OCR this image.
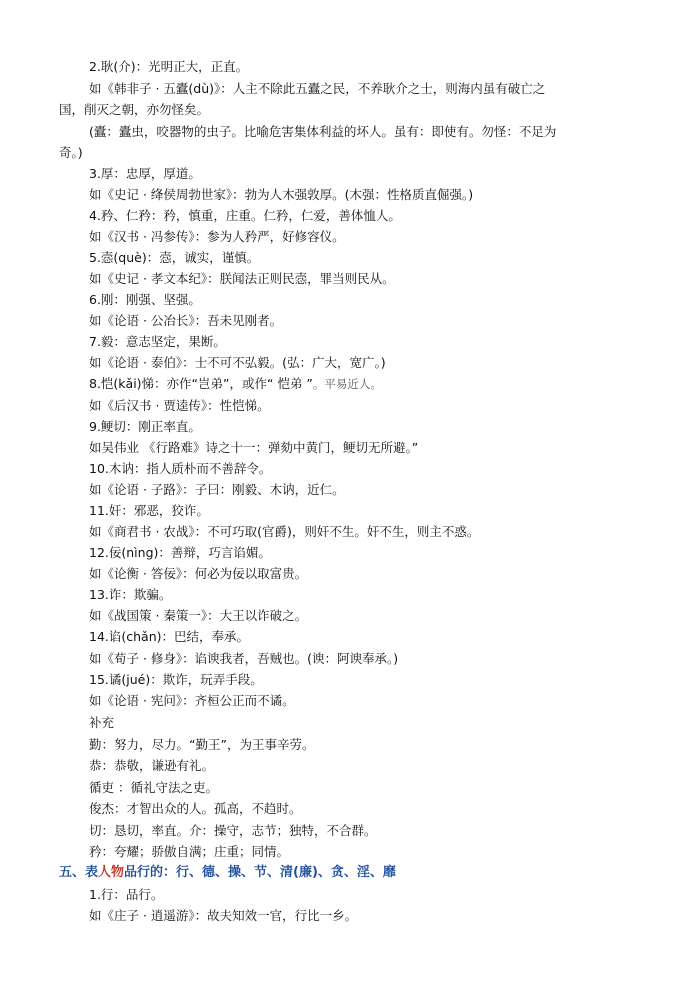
2.耿(介)：光明正大，正直。
如《韩非子 · 五蠹(dù)》：人主不除此五蠹之民，不养耿介之士，则海内虽有破亡之
国，削灭之朝，亦勿怪矣。
(蠹：蠹虫，咬器物的虫子。比喻危害集体利益的坏人。虽有：即使有。勿怪：不足为
奇。)
3.厚：忠厚，厚道。
如《史记 · 绛侯周勃世家》：勃为人木强敦厚。(木强：性格质直倔强。)
4.矜、仁矜：矜，慎重，庄重。仁矜，仁爱，善体恤人。
如《汉书 · 冯参传》：参为人矜严，好修容仪。
5.悫(què)：悫，诚实，谨慎。
如《史记 · 孝文本纪》：朕闻法正则民悫，罪当则民从。
6.刚：刚强、坚强。
如《论语 · 公冶长》：吾未见刚者。
7.毅：意志坚定，果断。
如《论语 · 泰伯》：士不可不弘毅。(弘：广大，宽广。)
8.恺(kǎi)悌：亦作“岂弟”，或作“ 恺弟 ”。平易近人。
如《后汉书 · 贾逵传》：性恺悌。
9.鲠切：刚正率直。
如吴伟业 《行路难》诗之十一：弹劾中黄门，鲠切无所避。”
10.木讷：指人质朴而不善辞令。
如《论语 · 子路》：子曰：刚毅、木讷，近仁。
11.奸：邪恶，狡诈。
如《商君书 · 农战》：不可巧取(官爵)，则奸不生。奸不生，则主不惑。
12.佞(nìng)：善辩，巧言谄媚。
如《论衡 · 答佞》：何必为佞以取富贵。
13.诈：欺骗。
如《战国策 · 秦策一》：大王以诈破之。
14.谄(chǎn)：巴结，奉承。
如《荀子 · 修身》：谄谀我者，吾贼也。(谀：阿谀奉承。)
15.谲(jué)：欺诈，玩弄手段。
如《论语 · 宪问》：齐桓公正而不谲。
补充
勤：努力，尽力。“勤王”，为王事辛劳。
恭：恭敬，谦逊有礼。
循吏 ：循礼守法之吏。
俊杰：才智出众的人。孤高，不趋时。
切：恳切，率直。介：操守，志节；独特，不合群。
矜：夸耀；骄傲自满；庄重；同情。
五、表人物品行的：行、德、操、节、清(廉)、贪、淫、靡
1.行：品行。
如《庄子 · 逍遥游》：故夫知效一官，行比一乡。
